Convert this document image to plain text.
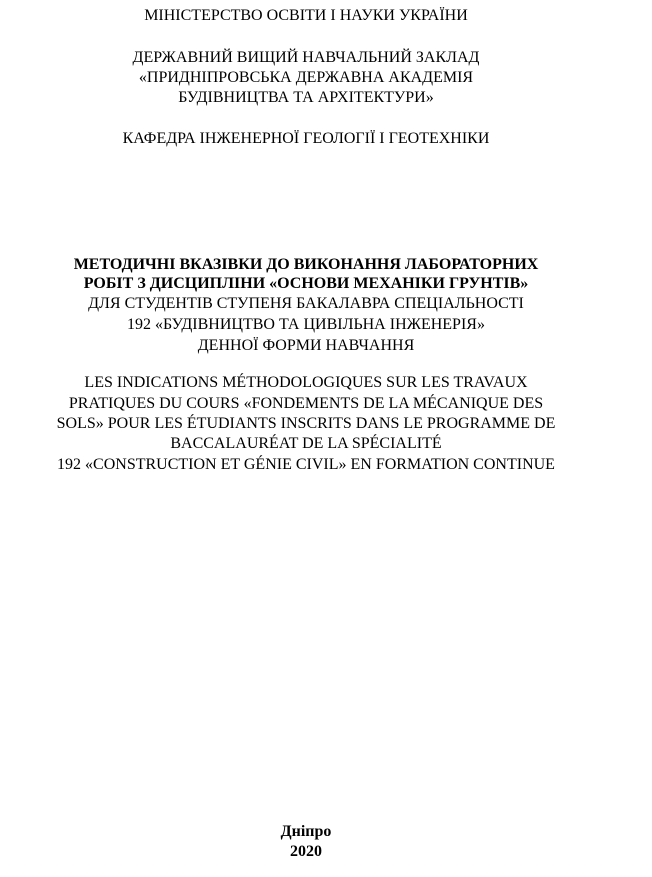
МІНІСТЕРСТВО ОСВІТИ І НАУКИ УКРАЇНИ
ДЕРЖАВНИЙ ВИЩИЙ НАВЧАЛЬНИЙ ЗАКЛАД
«ПРИДНІПРОВСЬКА ДЕРЖАВНА АКАДЕМІЯ
БУДІВНИЦТВА ТА АРХІТЕКТУРИ»
КАФЕДРА ІНЖЕНЕРНОЇ ГЕОЛОГІЇ І ГЕОТЕХНІКИ
МЕТОДИЧНІ ВКАЗІВКИ ДО ВИКОНАННЯ ЛАБОРАТОРНИХ
РОБІТ З ДИСЦИПЛІНИ «ОСНОВИ МЕХАНІКИ ГРУНТІВ»
ДЛЯ СТУДЕНТІВ СТУПЕНЯ БАКАЛАВРА СПЕЦІАЛЬНОСТІ
192 «БУДІВНИЦТВО ТА ЦИВІЛЬНА ІНЖЕНЕРІЯ»
ДЕННОЇ ФОРМИ НАВЧАННЯ
LES INDICATIONS MÉTHODOLOGIQUES SUR LES TRAVAUX
PRATIQUES DU COURS «FONDEMENTS DE LA MÉCANIQUE DES
SOLS» POUR LES ÉTUDIANTS INSCRITS DANS LE PROGRAMME DE
BACCALAURÉAT DE LA SPÉCIALITÉ
192 «CONSTRUCTION ET GÉNIE CIVIL» EN FORMATION CONTINUE
Дніпро
2020
